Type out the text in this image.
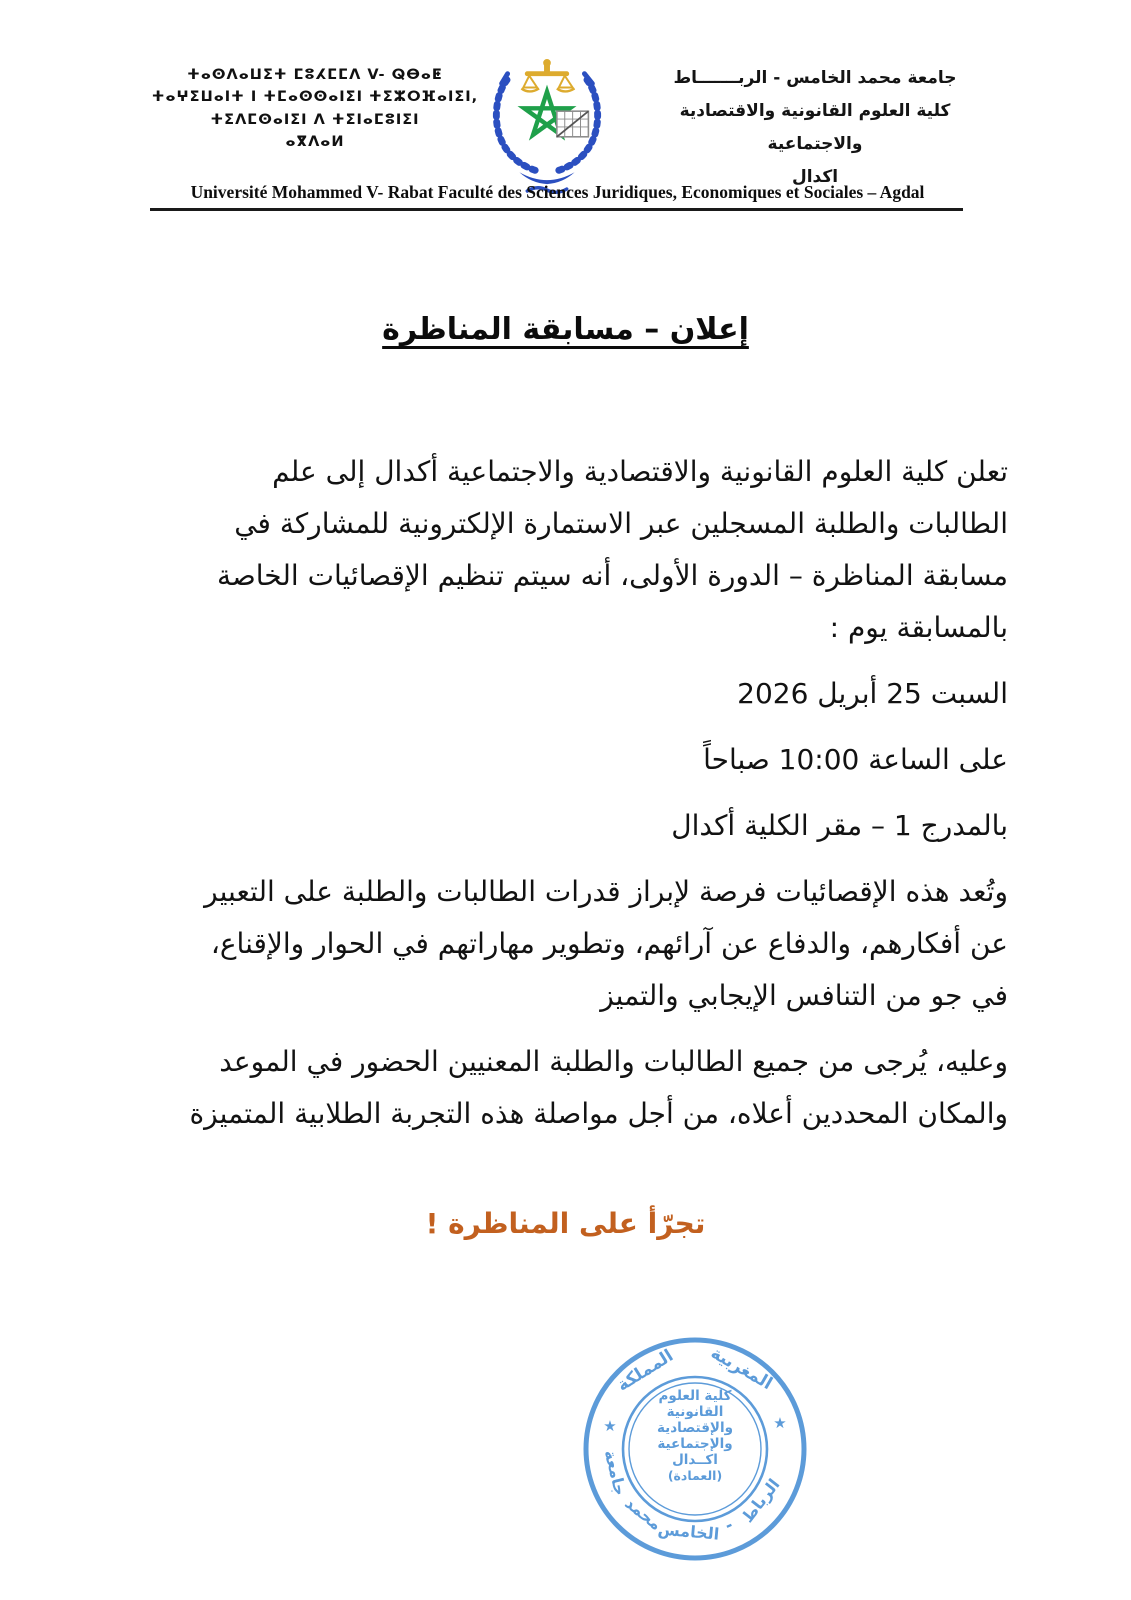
ⵜⴰⵙⴷⴰⵡⵉⵜ ⵎⵓⵃⵎⵎⴷ V- ⵕⴱⴰⵟ
ⵜⴰⵖⵉⵡⴰⵏⵜ ⵏ ⵜⵎⴰⵙⵙⴰⵏⵉⵏ ⵜⵉⵣⵔⴼⴰⵏⵉⵏ,
ⵜⵉⴷⵎⵙⴰⵏⵉⵏ ⴷ ⵜⵉⵏⴰⵎⵓⵏⵉⵏ
ⴰⴳⴷⴰⵍ
جامعة محمد الخامس - الربـــــــاط
كلية العلوم القانونية والاقتصادية والاجتماعية
اكدال
Université Mohammed V- Rabat Faculté des Sciences Juridiques, Economiques et Sociales – Agdal
إعلان – مسابقة المناظرة
تعلن كلية العلوم القانونية والاقتصادية والاجتماعية أكدال إلى علم
الطالبات والطلبة المسجلين عبر الاستمارة الإلكترونية للمشاركة في
مسابقة المناظرة – الدورة الأولى، أنه سيتم تنظيم الإقصائيات الخاصة
بالمسابقة يوم :
السبت 25 أبريل 2026
على الساعة 10:00 صباحاً
بالمدرج 1 – مقر الكلية أكدال
وتُعد هذه الإقصائيات فرصة لإبراز قدرات الطالبات والطلبة على التعبير
عن أفكارهم، والدفاع عن آرائهم، وتطوير مهاراتهم في الحوار والإقناع،
في جو من التنافس الإيجابي والتميز
وعليه، يُرجى من جميع الطالبات والطلبة المعنيين الحضور في الموعد
والمكان المحددين أعلاه، من أجل مواصلة هذه التجربة الطلابية المتميزة
تجرّأ على المناظرة !
المملكة المغربية
★	★
جامعة
محمد
الخامس - الرباط
كلية العلوم
القانونية
والإقتصادية
والإجتماعية
اكــدال
(العمادة)
